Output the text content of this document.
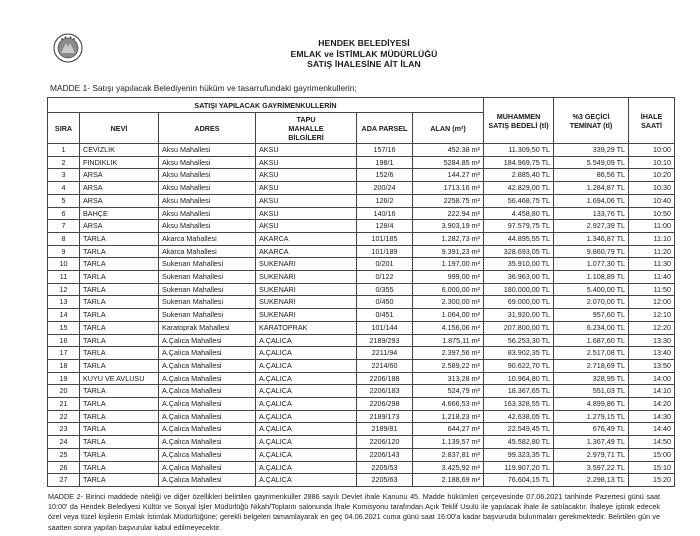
HENDEK BELEDİYESİ
EMLAK ve İSTİMLAK MÜDÜRLÜĞÜ
SATIŞ İHALESİNE AİT İLAN
MADDE 1- Satışı yapılacak Belediyenin hüküm ve tasarrufundaki gayrimenkullerin;
SATIŞI YAPILACAK GAYRİMENKULLERİN						MUHAMMEN SATIŞ BEDELİ (tl)	%3 GEÇİCİ TEMİNAT (tl)	İHALE SAATİ
SIRA	NEVİ	ADRES	TAPU MAHALLE BİLGİLERİ	ADA PARSEL	ALAN (m²)			
1	CEVİZLİK	Aksu Mahallesi	AKSU	157/16	452.38 m²	11.309,50 TL	339,29 TL	10:00
2	FINDIKLIK	Aksu Mahallesi	AKSU	198/1	5284.85 m²	184.969,75 TL	5.549,09 TL	10:10
3	ARSA	Aksu Mahallesi	AKSU	152/6	144.27 m²	2.885,40 TL	86,56 TL	10:20
4	ARSA	Aksu Mahallesi	AKSU	200/24	1713.16 m²	42.829,00 TL	1.284,87 TL	10:30
5	ARSA	Aksu Mahallesi	AKSU	126/2	2258.75 m²	56.468,75 TL	1.694,06 TL	10:40
6	BAHÇE	Aksu Mahallesi	AKSU	140/16	222.94 m²	4.458,80 TL	133,76 TL	10:50
7	ARSA	Aksu Mahallesi	AKSU	128/4	3.903,19 m²	97.579,75 TL	2.927,39 TL	11:00
8	TARLA	Akarca Mahallesi	AKARCA	101/185	1.282,73 m²	44.895,55 TL	1.346,87 TL	11:10
9	TARLA	Akarca Mahallesi	AKARCA	101/189	9.391,23 m²	328.693,05 TL	9.860,79 TL	11:20
10	TARLA	Sukenarı Mahallesi	SUKENARI	0/201	1.197,00 m²	35.910,00 TL	1.077,30 TL	11:30
11	TARLA	Sukenarı Mahallesi	SUKENARI	0/122	999,00 m²	36.963,00 TL	1.108,89 TL	11:40
12	TARLA	Sukenarı Mahallesi	SUKENARI	0/355	6.000,00 m²	180.000,00 TL	5.400,00 TL	11:50
13	TARLA	Sukenarı Mahallesi	SUKENARI	0/450	2.300,00 m²	69.000,00 TL	2.070,00 TL	12:00
14	TARLA	Sukenarı Mahallesi	SUKENARI	0/451	1.064,00 m²	31.920,00 TL	957,60 TL	12:10
15	TARLA	Karatoprak Mahallesi	KARATOPRAK	101/144	4.156,06 m²	207.800,00 TL	6.234,00 TL	12:20
16	TARLA	A.Çalıca Mahallesi	A.ÇALICA	2189/293	1.875,11 m²	56.253,30 TL	1.687,60 TL	13:30
17	TARLA	A.Çalıca Mahallesi	A.ÇALICA	2211/94	2.397,56 m²	83.902,35 TL	2.517,08 TL	13:40
18	TARLA	A.Çalıca Mahallesi	A.ÇALICA	2214/60	2.589,22 m²	90.622,70 TL	2.718,69 TL	13:50
19	KUYU VE AVLUSU	A.Çalıca Mahallesi	A.ÇALICA	2206/188	313,28 m²	10.964,80 TL	328,95 TL	14:00
20	TARLA	A.Çalıca Mahallesi	A.ÇALICA	2206/183	524,79 m²	18.367,65 TL	551,03 TL	14:10
21	TARLA	A.Çalıca Mahallesi	A.ÇALICA	2206/298	4.666,53 m²	163.328,55 TL	4.899,86 TL	14:20
22	TARLA	A.Çalıca Mahallesi	A.ÇALICA	2189/173	1.218,23 m²	42.638,05 TL	1.279,15 TL	14:30
23	TARLA	A.Çalıca Mahallesi	A.ÇALICA	2189/81	644,27 m²	22.549,45 TL	676,49 TL	14:40
24	TARLA	A.Çalıca Mahallesi	A.ÇALICA	2206/120	1.139,57 m²	45.582,80 TL	1.367,49 TL	14:50
25	TARLA	A.Çalıca Mahallesi	A.ÇALICA	2206/143	2.837,81 m²	99.323,35 TL	2.979,71 TL	15:00
26	TARLA	A.Çalıca Mahallesi	A.ÇALICA	2205/53	3.425,92 m²	119.907,20 TL	3.597,22 TL	15:10
27	TARLA	A.Çalıca Mahallesi	A.ÇALICA	2205/63	2.188,69 m²	76.604,15 TL	2.298,13 TL	15:20
MADDE 2- Birinci maddede niteliği ve diğer özellikleri belirtilen gayrimenkuller 2886 sayılı Devlet ihale Kanunu 45. Madde hükümleri çerçevesinde 07.06.2021 tarihinde Pazertesi günü saat 10:00' da Hendek Belediyesi Kültür ve Sosyal İşler Müdürlüğü Nikah/Toplantı salonunda İhale Komisyonu tarafından Açık Teklif Usulü ile yapılacak ihale ile satılacaktır. İhaleye iştirak edecek özel veya tüzel kişilerin Emlak İstimlak Müdürlüğüne; gerekli belgeleri tamamlayarak en geç 04.06.2021 cuma günü saat 16:00'a kadar başvuruda bulunmaları gerekmektedir. Belirtilen gün ve saatten sonra yapılan başvurular kabul edilmeyecektir.
